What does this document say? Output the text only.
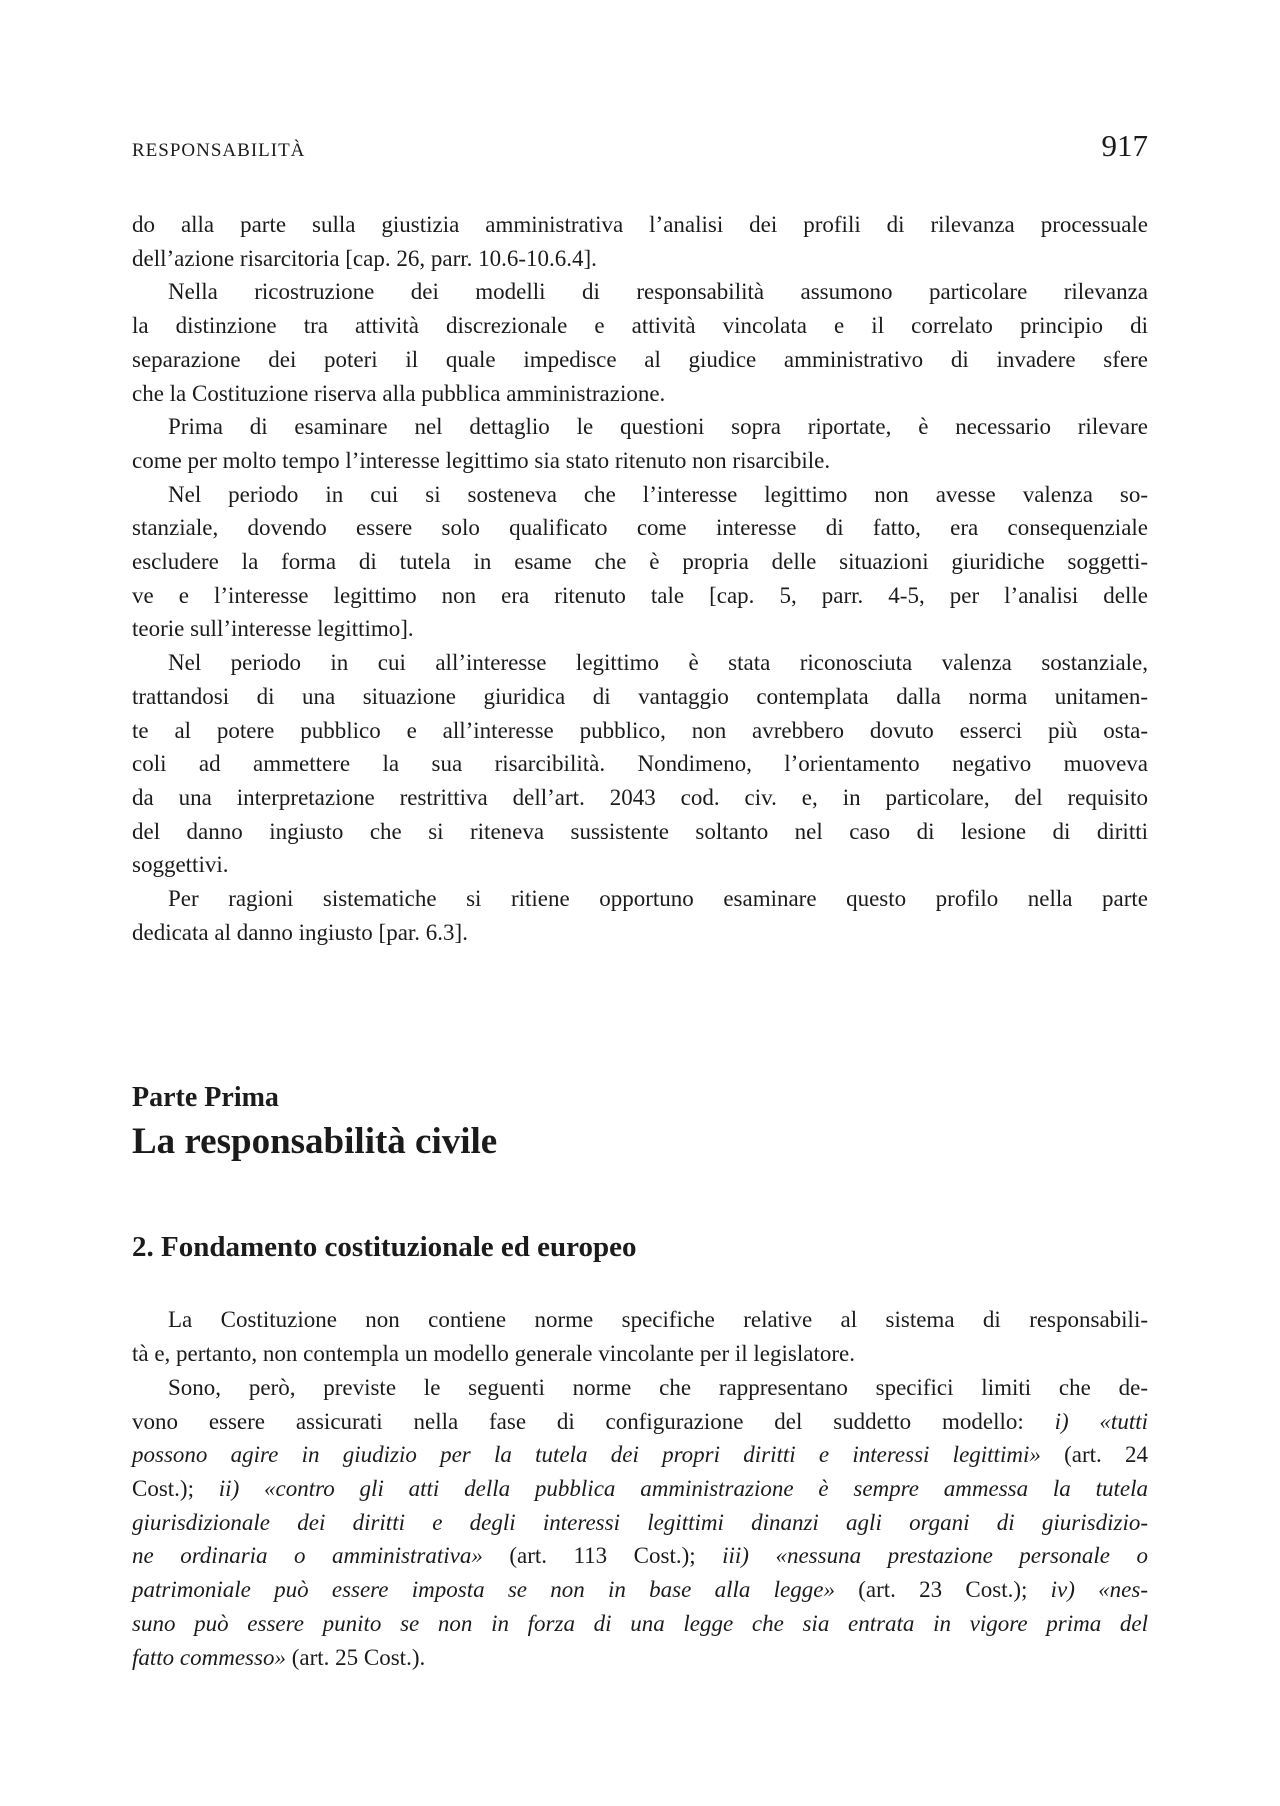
RESPONSABILITÀ	917
do alla parte sulla giustizia amministrativa l’analisi dei profili di rilevanza processuale
dell’azione risarcitoria [cap. 26, parr. 10.6-10.6.4].
Nella ricostruzione dei modelli di responsabilità assumono particolare rilevanza
la distinzione tra attività discrezionale e attività vincolata e il correlato principio di
separazione dei poteri il quale impedisce al giudice amministrativo di invadere sfere
che la Costituzione riserva alla pubblica amministrazione.
Prima di esaminare nel dettaglio le questioni sopra riportate, è necessario rilevare
come per molto tempo l’interesse legittimo sia stato ritenuto non risarcibile.
Nel periodo in cui si sosteneva che l’interesse legittimo non avesse valenza so-
stanziale, dovendo essere solo qualificato come interesse di fatto, era consequenziale
escludere la forma di tutela in esame che è propria delle situazioni giuridiche soggetti-
ve e l’interesse legittimo non era ritenuto tale [cap. 5, parr. 4-5, per l’analisi delle
teorie sull’interesse legittimo].
Nel periodo in cui all’interesse legittimo è stata riconosciuta valenza sostanziale,
trattandosi di una situazione giuridica di vantaggio contemplata dalla norma unitamen-
te al potere pubblico e all’interesse pubblico, non avrebbero dovuto esserci più osta-
coli ad ammettere la sua risarcibilità. Nondimeno, l’orientamento negativo muoveva
da una interpretazione restrittiva dell’art. 2043 cod. civ. e, in particolare, del requisito
del danno ingiusto che si riteneva sussistente soltanto nel caso di lesione di diritti
soggettivi.
Per ragioni sistematiche si ritiene opportuno esaminare questo profilo nella parte
dedicata al danno ingiusto [par. 6.3].
Parte Prima
La responsabilità civile
2. Fondamento costituzionale ed europeo
La Costituzione non contiene norme specifiche relative al sistema di responsabili-
tà e, pertanto, non contempla un modello generale vincolante per il legislatore.
Sono, però, previste le seguenti norme che rappresentano specifici limiti che de-
vono essere assicurati nella fase di configurazione del suddetto modello: i) «tutti
possono agire in giudizio per la tutela dei propri diritti e interessi legittimi» (art. 24
Cost.); ii) «contro gli atti della pubblica amministrazione è sempre ammessa la tutela
giurisdizionale dei diritti e degli interessi legittimi dinanzi agli organi di giurisdizio-
ne ordinaria o amministrativa» (art. 113 Cost.); iii) «nessuna prestazione personale o
patrimoniale può essere imposta se non in base alla legge» (art. 23 Cost.); iv) «nes-
suno può essere punito se non in forza di una legge che sia entrata in vigore prima del
fatto commesso» (art. 25 Cost.).
